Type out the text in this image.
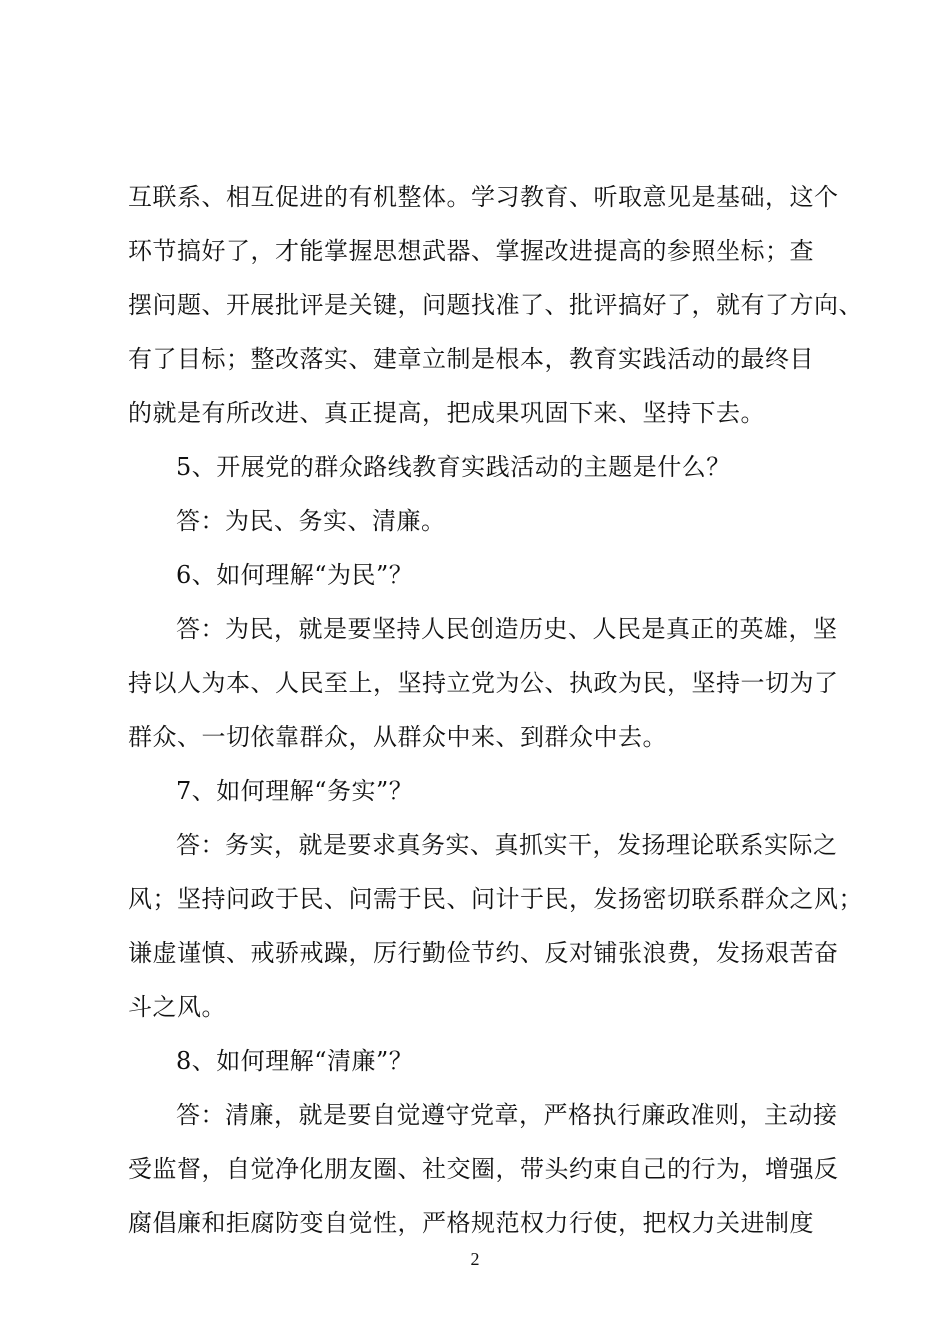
互联系、相互促进的有机整体。学习教育、听取意见是基础，这个
环节搞好了，才能掌握思想武器、掌握改进提高的参照坐标；查
摆问题、开展批评是关键，问题找准了、批评搞好了，就有了方向、
有了目标；整改落实、建章立制是根本，教育实践活动的最终目
的就是有所改进、真正提高，把成果巩固下来、坚持下去。
5、开展党的群众路线教育实践活动的主题是什么？
答：为民、务实、清廉。
6、如何理解“为民”？
答：为民，就是要坚持人民创造历史、人民是真正的英雄，坚
持以人为本、人民至上，坚持立党为公、执政为民，坚持一切为了
群众、一切依靠群众，从群众中来、到群众中去。
7、如何理解“务实”？
答：务实，就是要求真务实、真抓实干，发扬理论联系实际之
风；坚持问政于民、问需于民、问计于民，发扬密切联系群众之风；
谦虚谨慎、戒骄戒躁，厉行勤俭节约、反对铺张浪费，发扬艰苦奋
斗之风。
8、如何理解“清廉”？
答：清廉，就是要自觉遵守党章，严格执行廉政准则，主动接
受监督，自觉净化朋友圈、社交圈，带头约束自己的行为，增强反
腐倡廉和拒腐防变自觉性，严格规范权力行使，把权力关进制度
2
